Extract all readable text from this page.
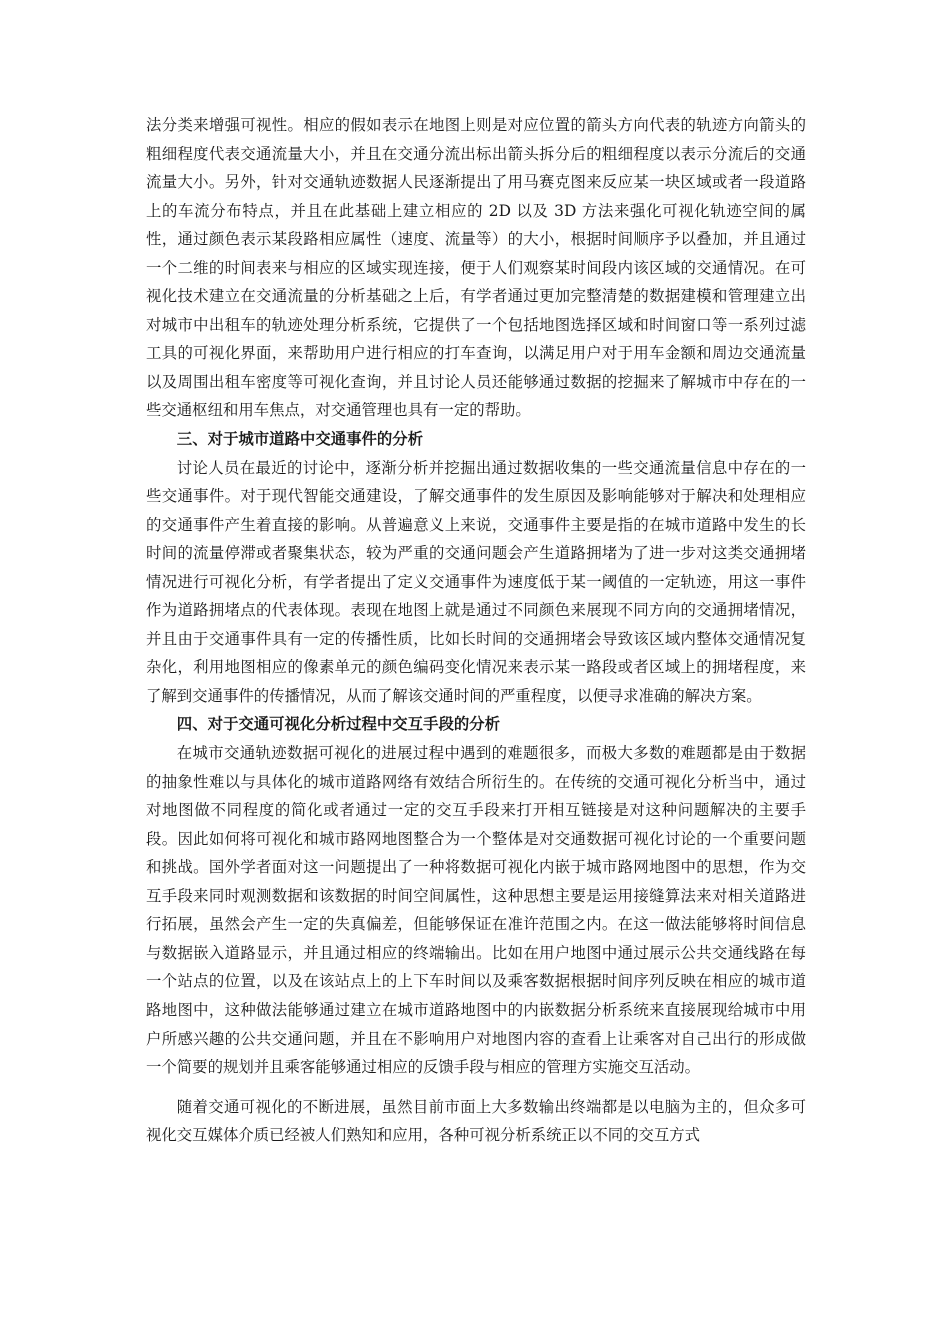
法分类来增强可视性。相应的假如表示在地图上则是对应位置的箭头方向代表的轨迹方向箭头的粗细程度代表交通流量大小，并且在交通分流出标出箭头拆分后的粗细程度以表示分流后的交通流量大小。另外，针对交通轨迹数据人民逐渐提出了用马赛克图来反应某一块区域或者一段道路上的车流分布特点，并且在此基础上建立相应的 2D 以及 3D 方法来强化可视化轨迹空间的属性，通过颜色表示某段路相应属性（速度、流量等）的大小，根据时间顺序予以叠加，并且通过一个二维的时间表来与相应的区域实现连接，便于人们观察某时间段内该区域的交通情况。在可视化技术建立在交通流量的分析基础之上后，有学者通过更加完整清楚的数据建模和管理建立出对城市中出租车的轨迹处理分析系统，它提供了一个包括地图选择区域和时间窗口等一系列过滤工具的可视化界面，来帮助用户进行相应的打车查询，以满足用户对于用车金额和周边交通流量以及周围出租车密度等可视化查询，并且讨论人员还能够通过数据的挖掘来了解城市中存在的一些交通枢纽和用车焦点，对交通管理也具有一定的帮助。

三、对于城市道路中交通事件的分析

讨论人员在最近的讨论中，逐渐分析并挖掘出通过数据收集的一些交通流量信息中存在的一些交通事件。对于现代智能交通建设，了解交通事件的发生原因及影响能够对于解决和处理相应的交通事件产生着直接的影响。从普遍意义上来说，交通事件主要是指的在城市道路中发生的长时间的流量停滞或者聚集状态，较为严重的交通问题会产生道路拥堵为了进一步对这类交通拥堵情况进行可视化分析，有学者提出了定义交通事件为速度低于某一阈值的一定轨迹，用这一事件作为道路拥堵点的代表体现。表现在地图上就是通过不同颜色来展现不同方向的交通拥堵情况，并且由于交通事件具有一定的传播性质，比如长时间的交通拥堵会导致该区域内整体交通情况复杂化，利用地图相应的像素单元的颜色编码变化情况来表示某一路段或者区域上的拥堵程度，来了解到交通事件的传播情况，从而了解该交通时间的严重程度，以便寻求准确的解决方案。

四、对于交通可视化分析过程中交互手段的分析

在城市交通轨迹数据可视化的进展过程中遇到的难题很多，而极大多数的难题都是由于数据的抽象性难以与具体化的城市道路网络有效结合所衍生的。在传统的交通可视化分析当中，通过对地图做不同程度的简化或者通过一定的交互手段来打开相互链接是对这种问题解决的主要手段。因此如何将可视化和城市路网地图整合为一个整体是对交通数据可视化讨论的一个重要问题和挑战。国外学者面对这一问题提出了一种将数据可视化内嵌于城市路网地图中的思想，作为交互手段来同时观测数据和该数据的时间空间属性，这种思想主要是运用接缝算法来对相关道路进行拓展，虽然会产生一定的失真偏差，但能够保证在准许范围之内。在这一做法能够将时间信息与数据嵌入道路显示，并且通过相应的终端输出。比如在用户地图中通过展示公共交通线路在每一个站点的位置，以及在该站点上的上下车时间以及乘客数据根据时间序列反映在相应的城市道路地图中，这种做法能够通过建立在城市道路地图中的内嵌数据分析系统来直接展现给城市中用户所感兴趣的公共交通问题，并且在不影响用户对地图内容的查看上让乘客对自己出行的形成做一个简要的规划并且乘客能够通过相应的反馈手段与相应的管理方实施交互活动。

随着交通可视化的不断进展，虽然目前市面上大多数输出终端都是以电脑为主的，但众多可视化交互媒体介质已经被人们熟知和应用，各种可视分析系统正以不同的交互方式
